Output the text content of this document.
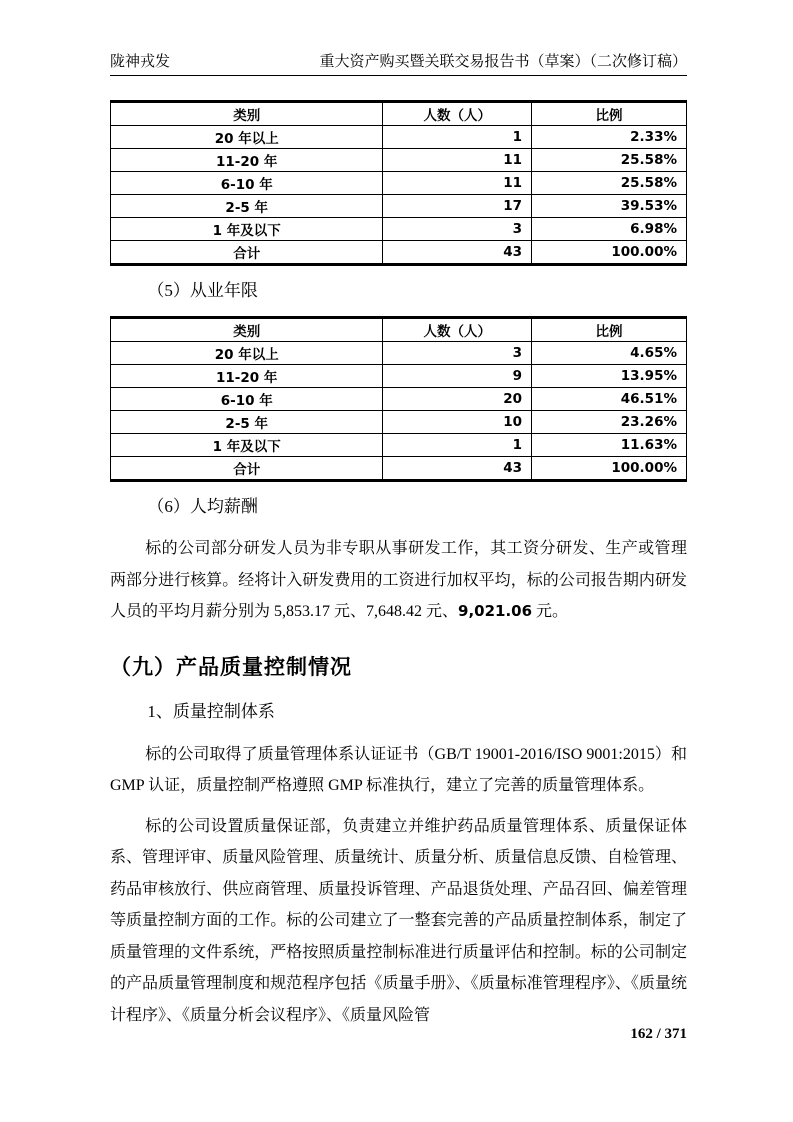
陇神戎发	重大资产购买暨关联交易报告书（草案）（二次修订稿）
类别	人数（人）	比例
20 年以上	1	2.33%
11-20 年	11	25.58%
6-10 年	11	25.58%
2-5 年	17	39.53%
1 年及以下	3	6.98%
合计	43	100.00%

（5）从业年限

类别	人数（人）	比例
20 年以上	3	4.65%
11-20 年	9	13.95%
6-10 年	20	46.51%
2-5 年	10	23.26%
1 年及以下	1	11.63%
合计	43	100.00%

（6）人均薪酬

标的公司部分研发人员为非专职从事研发工作，其工资分研发、生产或管理两部分进行核算。经将计入研发费用的工资进行加权平均，标的公司报告期内研发人员的平均月薪分别为 5,853.17 元、7,648.42 元、9,021.06 元。

（九）产品质量控制情况

1、质量控制体系

标的公司取得了质量管理体系认证证书（GB/T 19001-2016/ISO 9001:2015）和 GMP 认证，质量控制严格遵照 GMP 标准执行，建立了完善的质量管理体系。

标的公司设置质量保证部，负责建立并维护药品质量管理体系、质量保证体系、管理评审、质量风险管理、质量统计、质量分析、质量信息反馈、自检管理、药品审核放行、供应商管理、质量投诉管理、产品退货处理、产品召回、偏差管理等质量控制方面的工作。标的公司建立了一整套完善的产品质量控制体系，制定了质量管理的文件系统，严格按照质量控制标准进行质量评估和控制。标的公司制定的产品质量管理制度和规范程序包括《质量手册》、《质量标准管理程序》、《质量统计程序》、《质量分析会议程序》、《质量风险管

162 / 371
